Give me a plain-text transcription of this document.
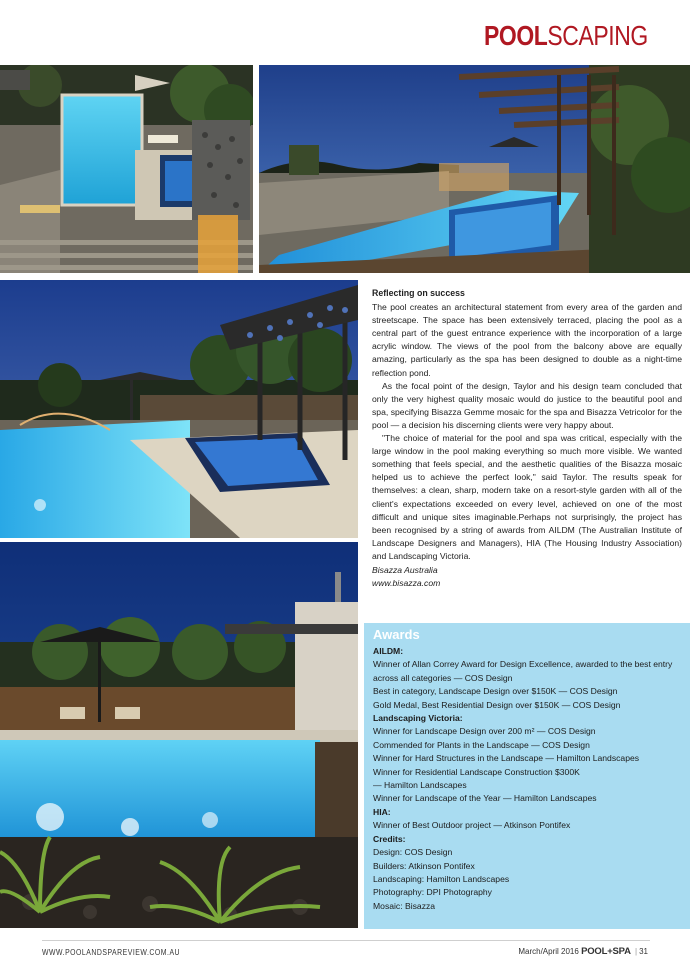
POOLSCAPING
Reflecting on success

The pool creates an architectural statement from every area of the garden and streetscape. The space has been extensively terraced, placing the pool as a central part of the guest entrance experience with the incorporation of a large acrylic window. The views of the pool from the balcony above are equally amazing, particularly as the spa has been designed to double as a night-time reflection pond.

As the focal point of the design, Taylor and his design team concluded that only the very highest quality mosaic would do justice to the beautiful pool and spa, specifying Bisazza Gemme mosaic for the spa and Bisazza Vetricolor for the pool — a decision his discerning clients were very happy about.

"The choice of material for the pool and spa was critical, especially with the large window in the pool making everything so much more visible. We wanted something that feels special, and the aesthetic qualities of the Bisazza mosaic helped us to achieve the perfect look," said Taylor. The results speak for themselves: a clean, sharp, modern take on a resort-style garden with all of the client's expectations exceeded on every level, achieved on one of the most difficult and unique sites imaginable.Perhaps not surprisingly, the project has been recognised by a string of awards from AILDM (The Australian Institute of Landscape Designers and Managers), HIA (The Housing Industry Association) and Landscaping Victoria.

Bisazza Australia
www.bisazza.com
Awards
AILDM:
Winner of Allan Correy Award for Design Excellence, awarded to the best entry across all categories — COS Design
Best in category, Landscape Design over $150K — COS Design
Gold Medal, Best Residential Design over $150K — COS Design
Landscaping Victoria:
Winner for Landscape Design over 200 m² — COS Design
Commended for Plants in the Landscape — COS Design
Winner for Hard Structures in the Landscape — Hamilton Landscapes
Winner for Residential Landscape Construction $300K
— Hamilton Landscapes
Winner for Landscape of the Year — Hamilton Landscapes
HIA:
Winner of Best Outdoor project — Atkinson Pontifex
Credits:
Design: COS Design
Builders: Atkinson Pontifex
Landscaping: Hamilton Landscapes
Photography: DPI Photography
Mosaic: Bisazza
WWW.POOLANDSPAREVIEW.COM.AU	March/April 2016 POOL+SPA | 31
